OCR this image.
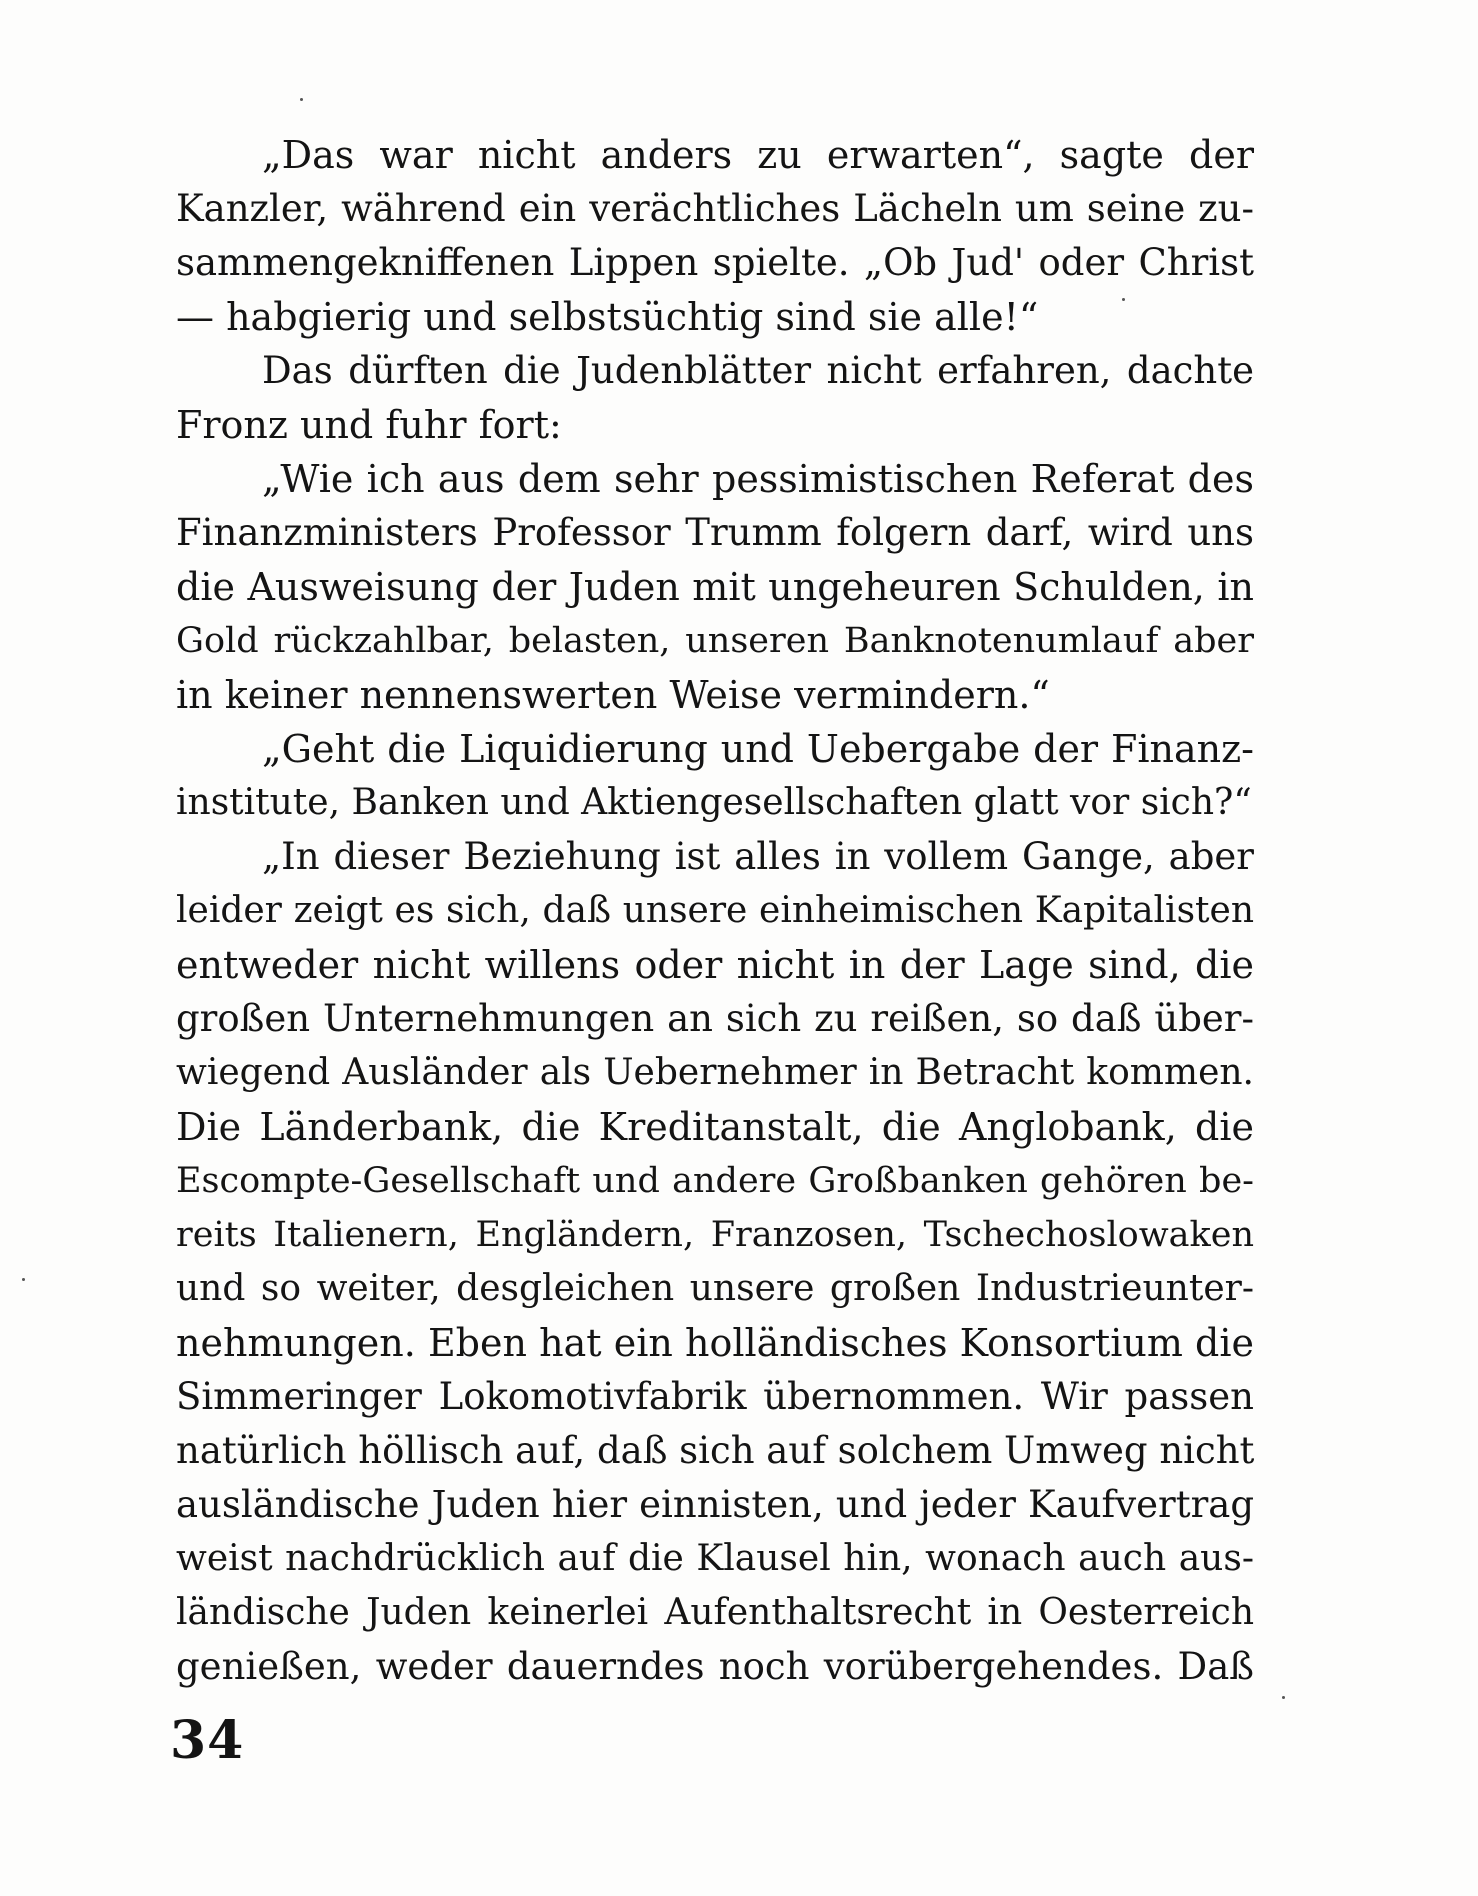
„Das war nicht anders zu erwarten“, sagte der
Kanzler, während ein verächtliches Lächeln um seine zu-
sammengekniffenen Lippen spielte. „Ob Jud' oder Christ
— habgierig und selbstsüchtig sind sie alle!“
Das dürften die Judenblätter nicht erfahren, dachte
Fronz und fuhr fort:
„Wie ich aus dem sehr pessimistischen Referat des
Finanzministers Professor Trumm folgern darf, wird uns
die Ausweisung der Juden mit ungeheuren Schulden, in
Gold rückzahlbar, belasten, unseren Banknotenumlauf aber
in keiner nennenswerten Weise vermindern.“
„Geht die Liquidierung und Uebergabe der Finanz-
institute, Banken und Aktiengesellschaften glatt vor sich?“
„In dieser Beziehung ist alles in vollem Gange, aber
leider zeigt es sich, daß unsere einheimischen Kapitalisten
entweder nicht willens oder nicht in der Lage sind, die
großen Unternehmungen an sich zu reißen, so daß über-
wiegend Ausländer als Uebernehmer in Betracht kommen.
Die Länderbank, die Kreditanstalt, die Anglobank, die
Escompte-Gesellschaft und andere Großbanken gehören be-
reits Italienern, Engländern, Franzosen, Tschechoslowaken
und so weiter, desgleichen unsere großen Industrieunter-
nehmungen. Eben hat ein holländisches Konsortium die
Simmeringer Lokomotivfabrik übernommen. Wir passen
natürlich höllisch auf, daß sich auf solchem Umweg nicht
ausländische Juden hier einnisten, und jeder Kaufvertrag
weist nachdrücklich auf die Klausel hin, wonach auch aus-
ländische Juden keinerlei Aufenthaltsrecht in Oesterreich
genießen, weder dauerndes noch vorübergehendes. Daß
34
